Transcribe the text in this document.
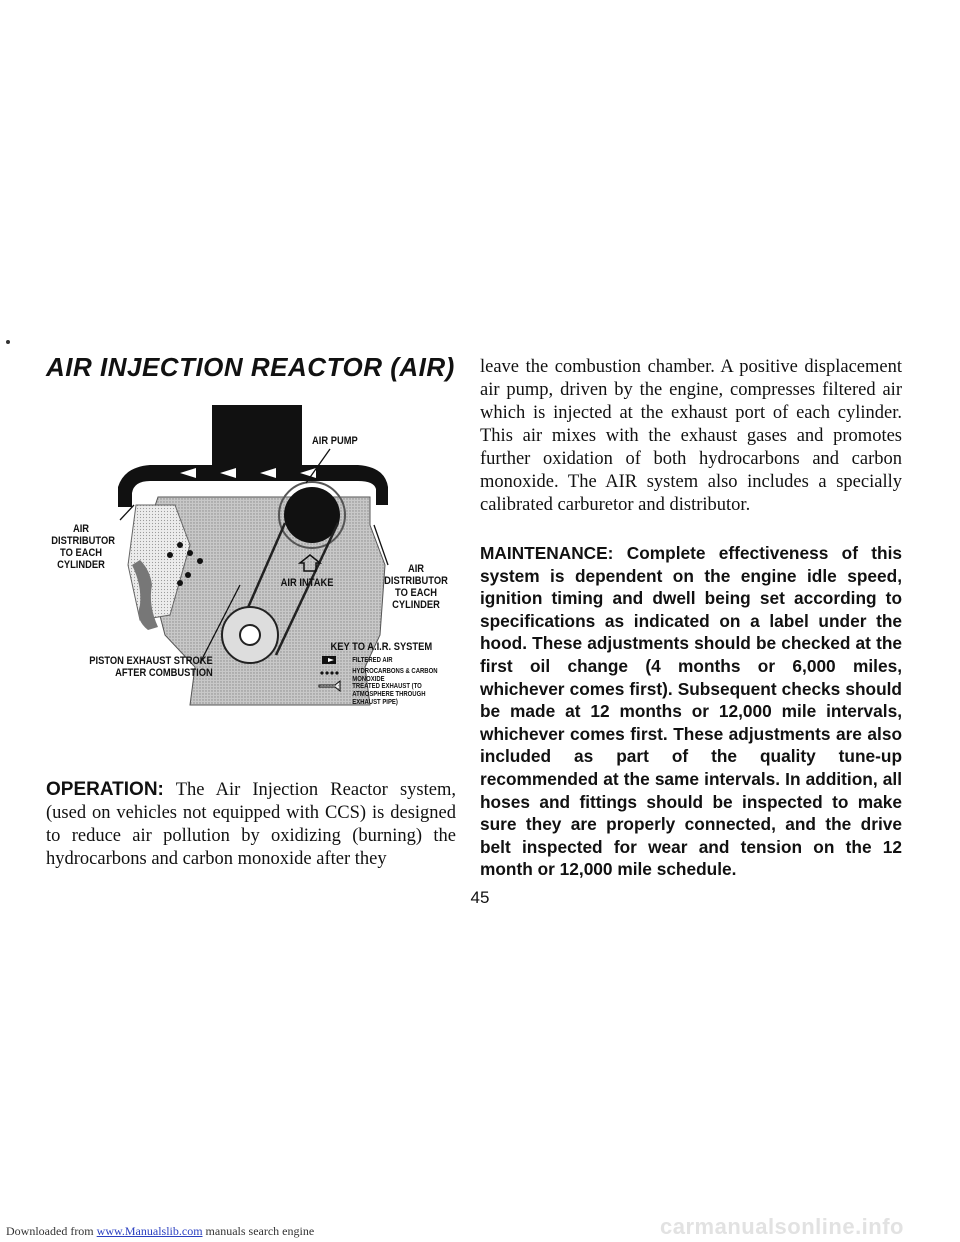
AIR INJECTION REACTOR (AIR)
AIR PUMP
AIR
DISTRIBUTOR
TO EACH
CYLINDER	AIR
DISTRIBUTOR
TO EACH
CYLINDER
AIR INTAKE
PISTON EXHAUST STROKE
AFTER COMBUSTION
KEY TO A.I.R. SYSTEM
FILTERED AIR
HYDROCARBONS & CARBON MONOXIDE
TREATED EXHAUST (TO ATMOSPHERE THROUGH EXHAUST PIPE)
OPERATION: The Air Injection Reactor system, (used on vehicles not equipped with CCS) is designed to reduce air pollution by oxidizing (burning) the hydrocarbons and carbon monoxide after they
leave the combustion chamber. A positive displacement air pump, driven by the engine, compresses filtered air which is injected at the exhaust port of each cylinder. This air mixes with the exhaust gases and promotes further oxidation of both hydrocarbons and carbon monoxide. The AIR system also includes a specially calibrated carburetor and distributor.
MAINTENANCE: Complete effectiveness of this system is dependent on the engine idle speed, ignition timing and dwell being set according to specifications as indicated on a label under the hood. These adjustments should be checked at the first oil change (4 months or 6,000 miles, whichever comes first). Subsequent checks should be made at 12 months or 12,000 mile intervals, whichever comes first. These adjustments are also included as part of the quality tune-up recommended at the same intervals. In addition, all hoses and fittings should be inspected to make sure they are properly connected, and the drive belt inspected for wear and tension on the 12 month or 12,000 mile schedule.
45
Downloaded from www.Manualslib.com manuals search engine	carmanualsonline.info
